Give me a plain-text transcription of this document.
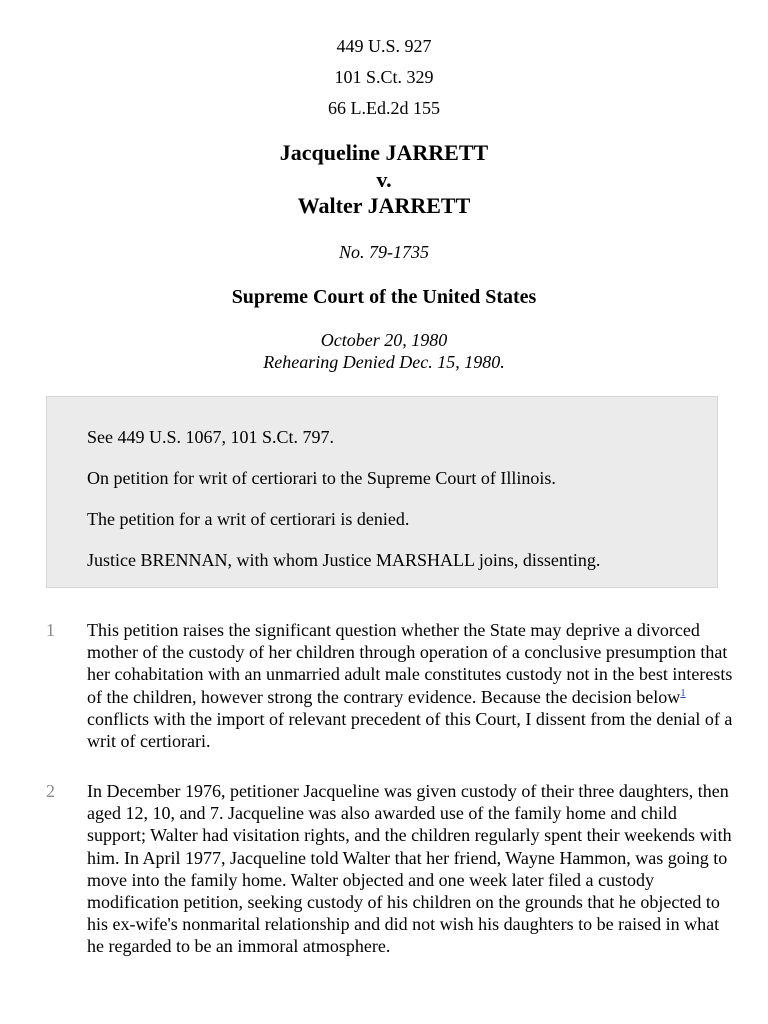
449 U.S. 927
101 S.Ct. 329
66 L.Ed.2d 155
Jacqueline JARRETT
v.
Walter JARRETT
No. 79-1735
Supreme Court of the United States
October 20, 1980
Rehearing Denied Dec. 15, 1980.

See 449 U.S. 1067, 101 S.Ct. 797.

On petition for writ of certiorari to the Supreme Court of Illinois.

The petition for a writ of certiorari is denied.

Justice BRENNAN, with whom Justice MARSHALL joins, dissenting.

1 This petition raises the significant question whether the State may deprive a divorced mother of the custody of her children through operation of a conclusive presumption that her cohabitation with an unmarried adult male constitutes custody not in the best interests of the children, however strong the contrary evidence. Because the decision below$^1$ conflicts with the import of relevant precedent of this Court, I dissent from the denial of a writ of certiorari.
2 In December 1976, petitioner Jacqueline was given custody of their three daughters, then aged 12, 10, and 7. Jacqueline was also awarded use of the family home and child support; Walter had visitation rights, and the children regularly spent their weekends with him. In April 1977, Jacqueline told Walter that her friend, Wayne Hammon, was going to move into the family home. Walter objected and one week later filed a custody modification petition, seeking custody of his children on the grounds that he objected to his ex-wife's nonmarital relationship and did not wish his daughters to be raised in what he regarded to be an immoral atmosphere.
